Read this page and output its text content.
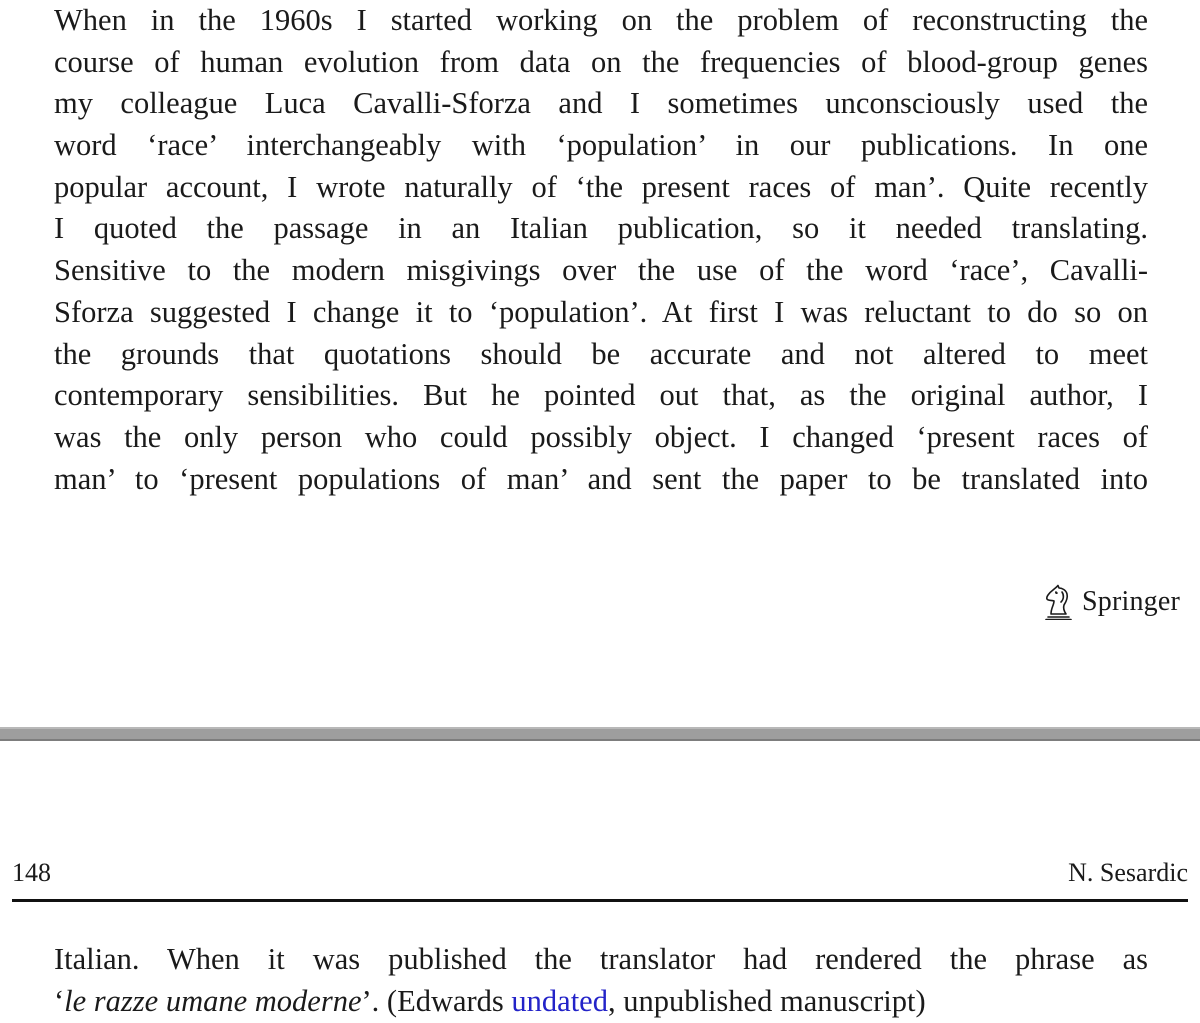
When in the 1960s I started working on the problem of reconstructing the
course of human evolution from data on the frequencies of blood-group genes
my colleague Luca Cavalli-Sforza and I sometimes unconsciously used the
word ‘race’ interchangeably with ‘population’ in our publications. In one
popular account, I wrote naturally of ‘the present races of man’. Quite recently
I quoted the passage in an Italian publication, so it needed translating.
Sensitive to the modern misgivings over the use of the word ‘race’, Cavalli-
Sforza suggested I change it to ‘population’. At first I was reluctant to do so on
the grounds that quotations should be accurate and not altered to meet
contemporary sensibilities. But he pointed out that, as the original author, I
was the only person who could possibly object. I changed ‘present races of
man’ to ‘present populations of man’ and sent the paper to be translated into

Springer
148	N. Sesardic

Italian. When it was published the translator had rendered the phrase as
‘le razze umane moderne’. (Edwards undated, unpublished manuscript)
